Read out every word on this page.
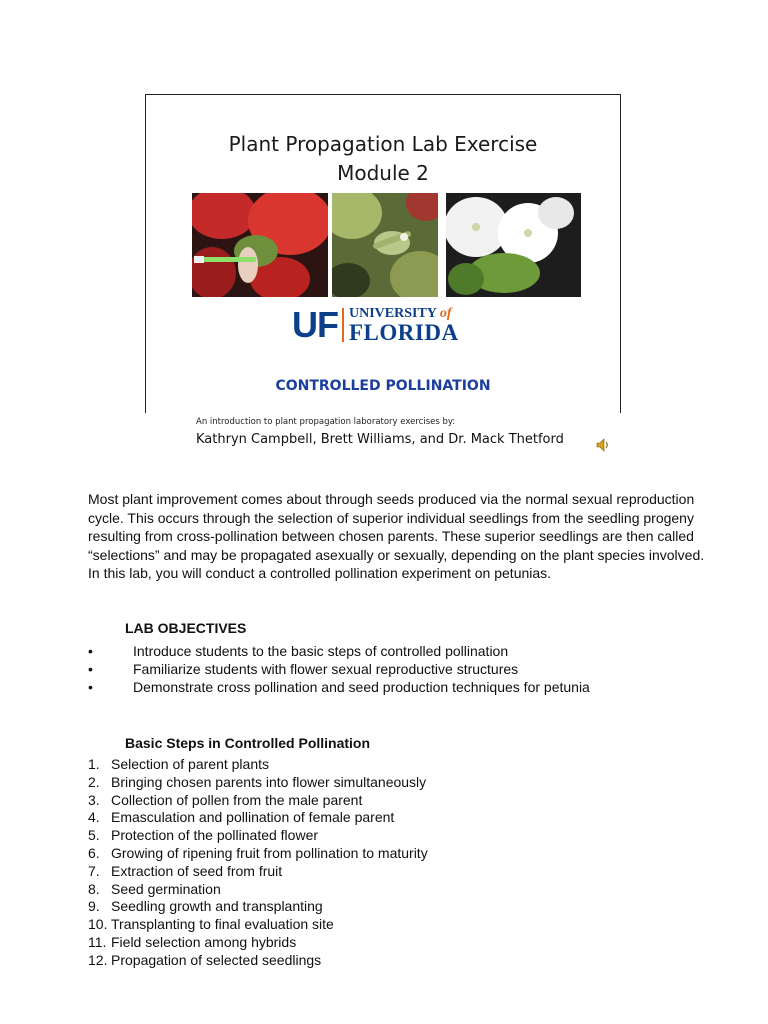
Plant Propagation Lab Exercise
Module 2
UF UNIVERSITY of
FLORIDA
CONTROLLED POLLINATION
An introduction to plant propagation laboratory exercises by:
Kathryn Campbell, Brett Williams, and Dr. Mack Thetford

Most plant improvement comes about through seeds produced via the normal sexual reproduction cycle. This occurs through the selection of superior individual seedlings from the seedling progeny resulting from cross-pollination between chosen parents. These superior seedlings are then called “selections” and may be propagated asexually or sexually, depending on the plant species involved. In this lab, you will conduct a controlled pollination experiment on petunias.

LAB OBJECTIVES
•	Introduce students to the basic steps of controlled pollination
•	Familiarize students with flower sexual reproductive structures
•	Demonstrate cross pollination and seed production techniques for petunia
Basic Steps in Controlled Pollination
1. Selection of parent plants
2. Bringing chosen parents into flower simultaneously
3. Collection of pollen from the male parent
4. Emasculation and pollination of female parent
5. Protection of the pollinated flower
6. Growing of ripening fruit from pollination to maturity
7. Extraction of seed from fruit
8. Seed germination
9. Seedling growth and transplanting
10. Transplanting to final evaluation site
11. Field selection among hybrids
12. Propagation of selected seedlings
